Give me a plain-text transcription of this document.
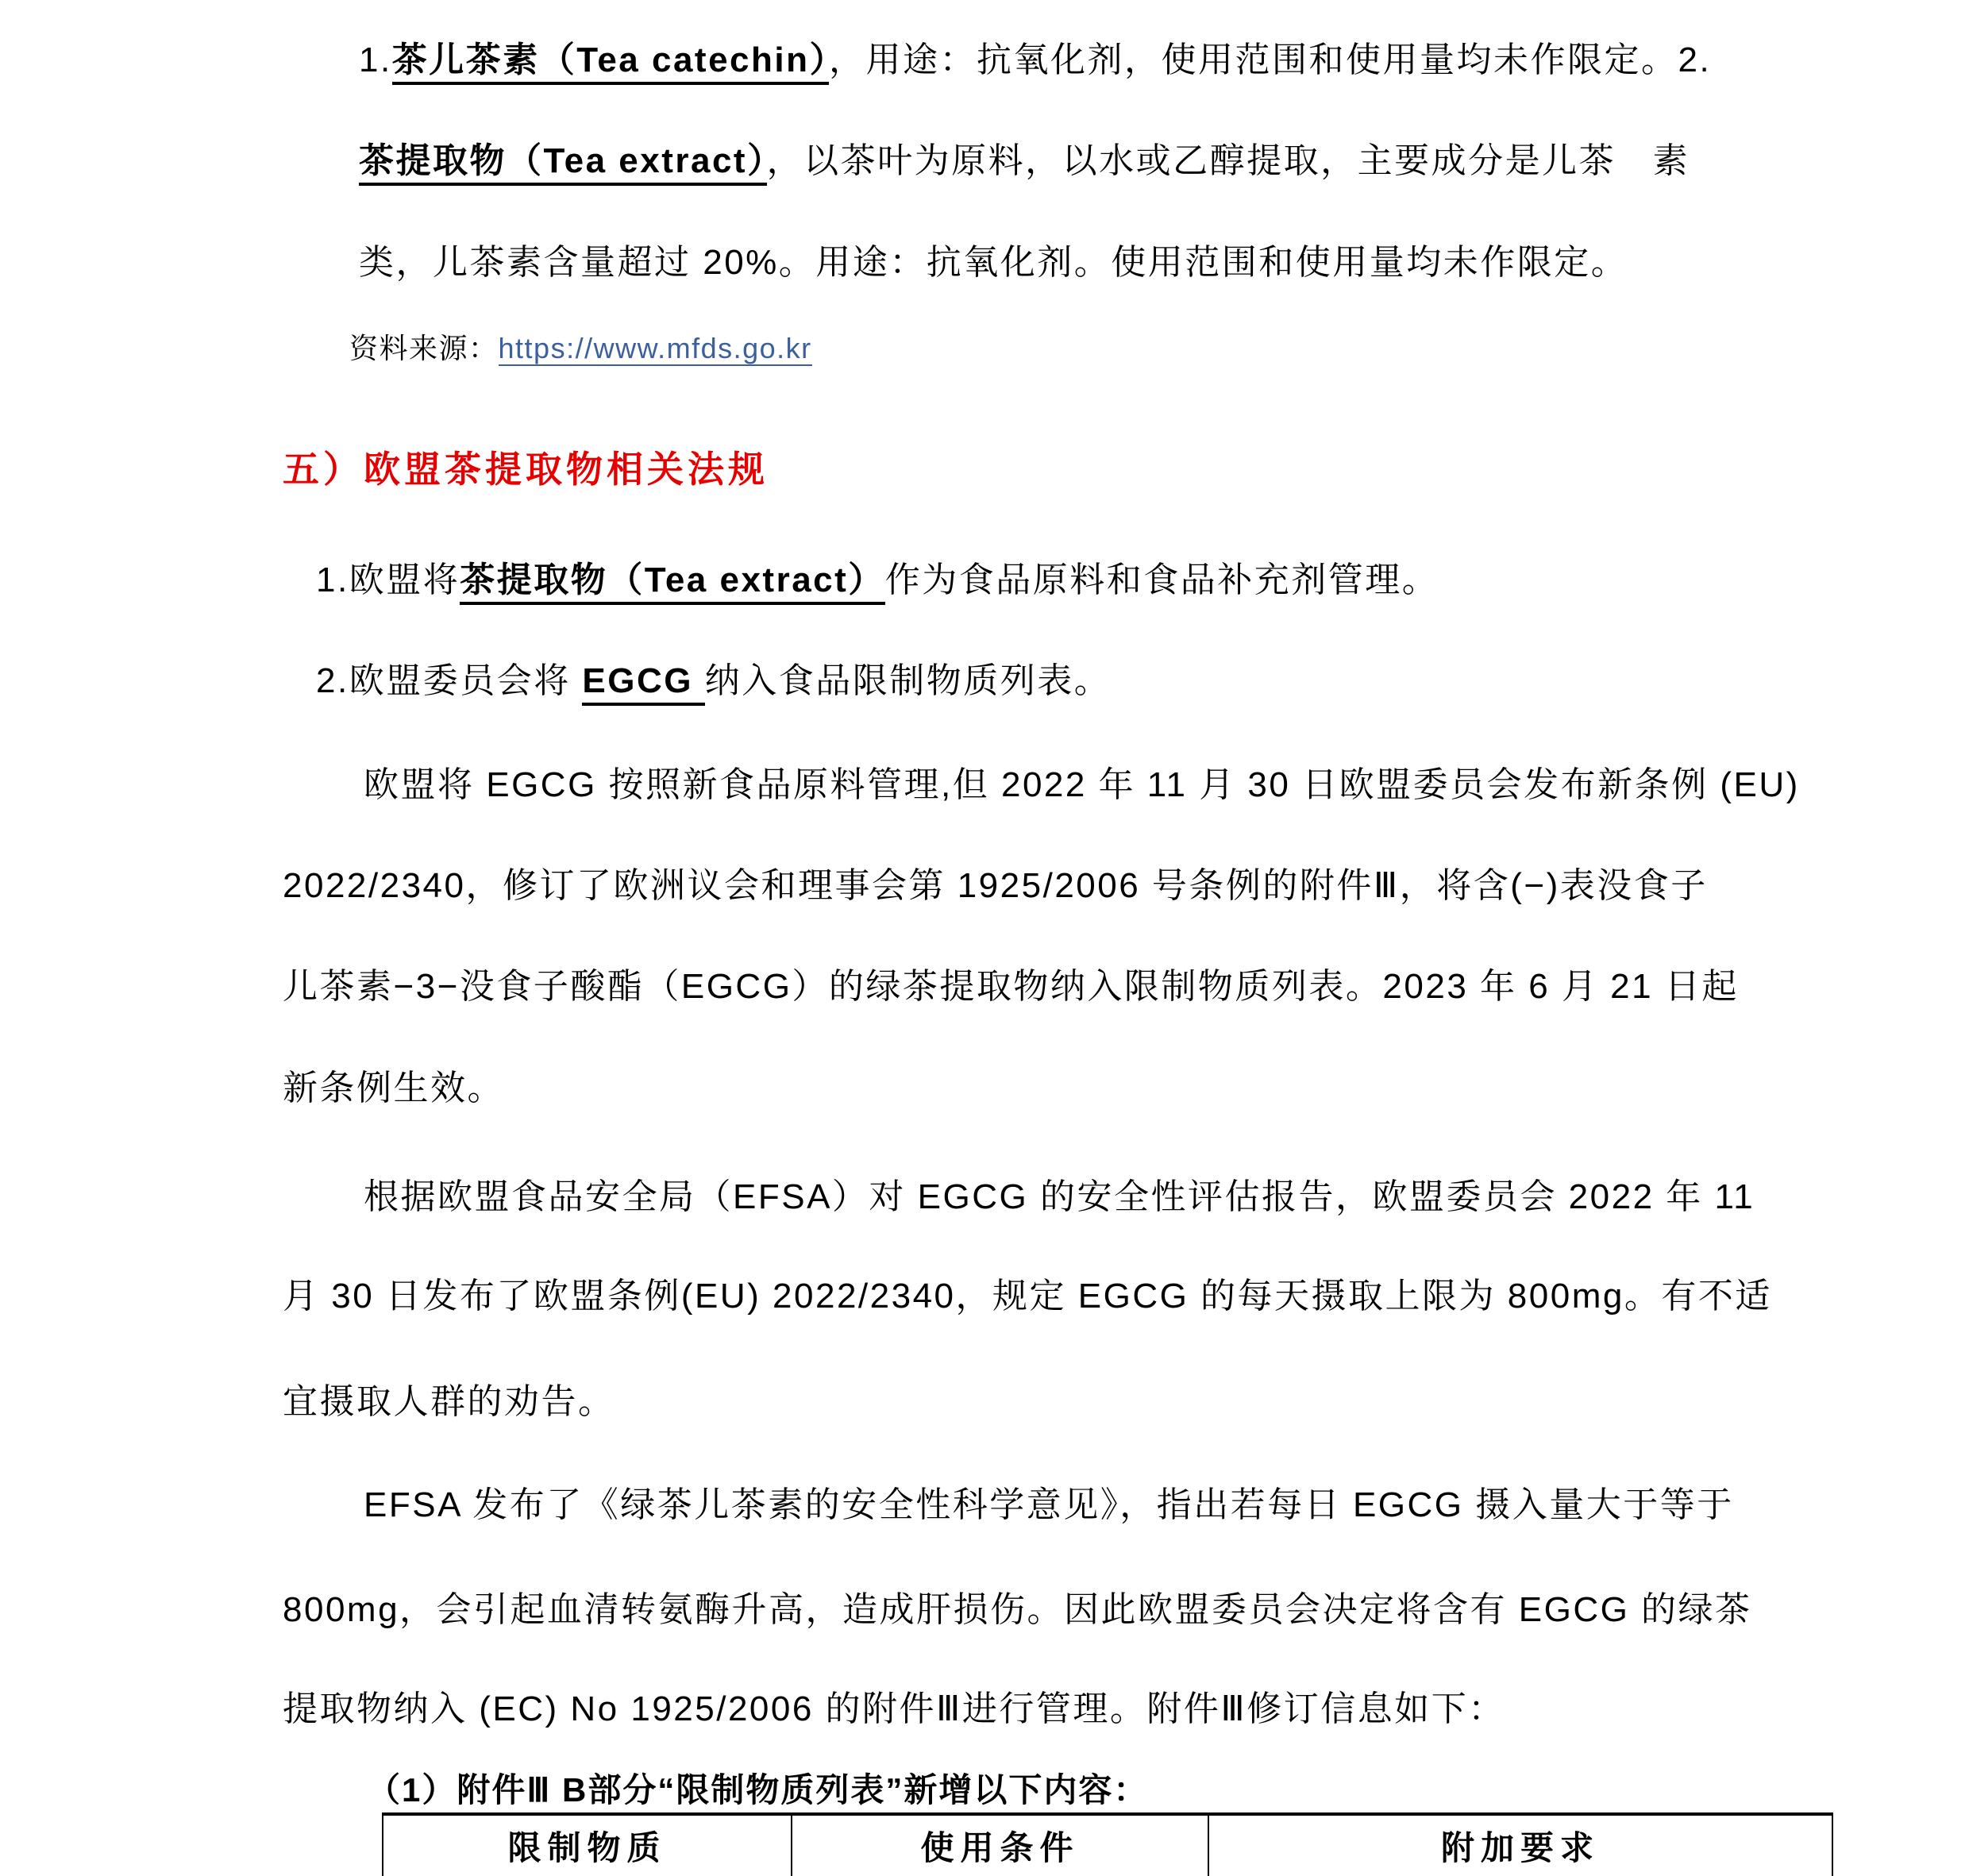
1.茶儿茶素（Tea catechin），用途：抗氧化剂，使用范围和使用量均未作限定。2.
茶提取物（Tea extract），以茶叶为原料，以水或乙醇提取，主要成分是儿茶　素
类，儿茶素含量超过 20%。用途：抗氧化剂。使用范围和使用量均未作限定。
资料来源：https://www.mfds.go.kr
五）欧盟茶提取物相关法规
1.欧盟将茶提取物（Tea extract）作为食品原料和食品补充剂管理。
2.欧盟委员会将 EGCG 纳入食品限制物质列表。
欧盟将 EGCG 按照新食品原料管理,但 2022 年 11 月 30 日欧盟委员会发布新条例 (EU)
2022/2340，修订了欧洲议会和理事会第 1925/2006 号条例的附件Ⅲ，将含(−)表没食子
儿茶素−3−没食子酸酯（EGCG）的绿茶提取物纳入限制物质列表。2023 年 6 月 21 日起
新条例生效。
根据欧盟食品安全局（EFSA）对 EGCG 的安全性评估报告，欧盟委员会 2022 年 11
月 30 日发布了欧盟条例(EU) 2022/2340，规定 EGCG 的每天摄取上限为 800mg。有不适
宜摄取人群的劝告。
EFSA 发布了《绿茶儿茶素的安全性科学意见》，指出若每日 EGCG 摄入量大于等于
800mg，会引起血清转氨酶升高，造成肝损伤。因此欧盟委员会决定将含有 EGCG 的绿茶
提取物纳入 (EC) No 1925/2006 的附件Ⅲ进行管理。附件Ⅲ修订信息如下：
（1）附件Ⅲ B部分“限制物质列表”新增以下内容：
限制物质	使用条件	附加要求
